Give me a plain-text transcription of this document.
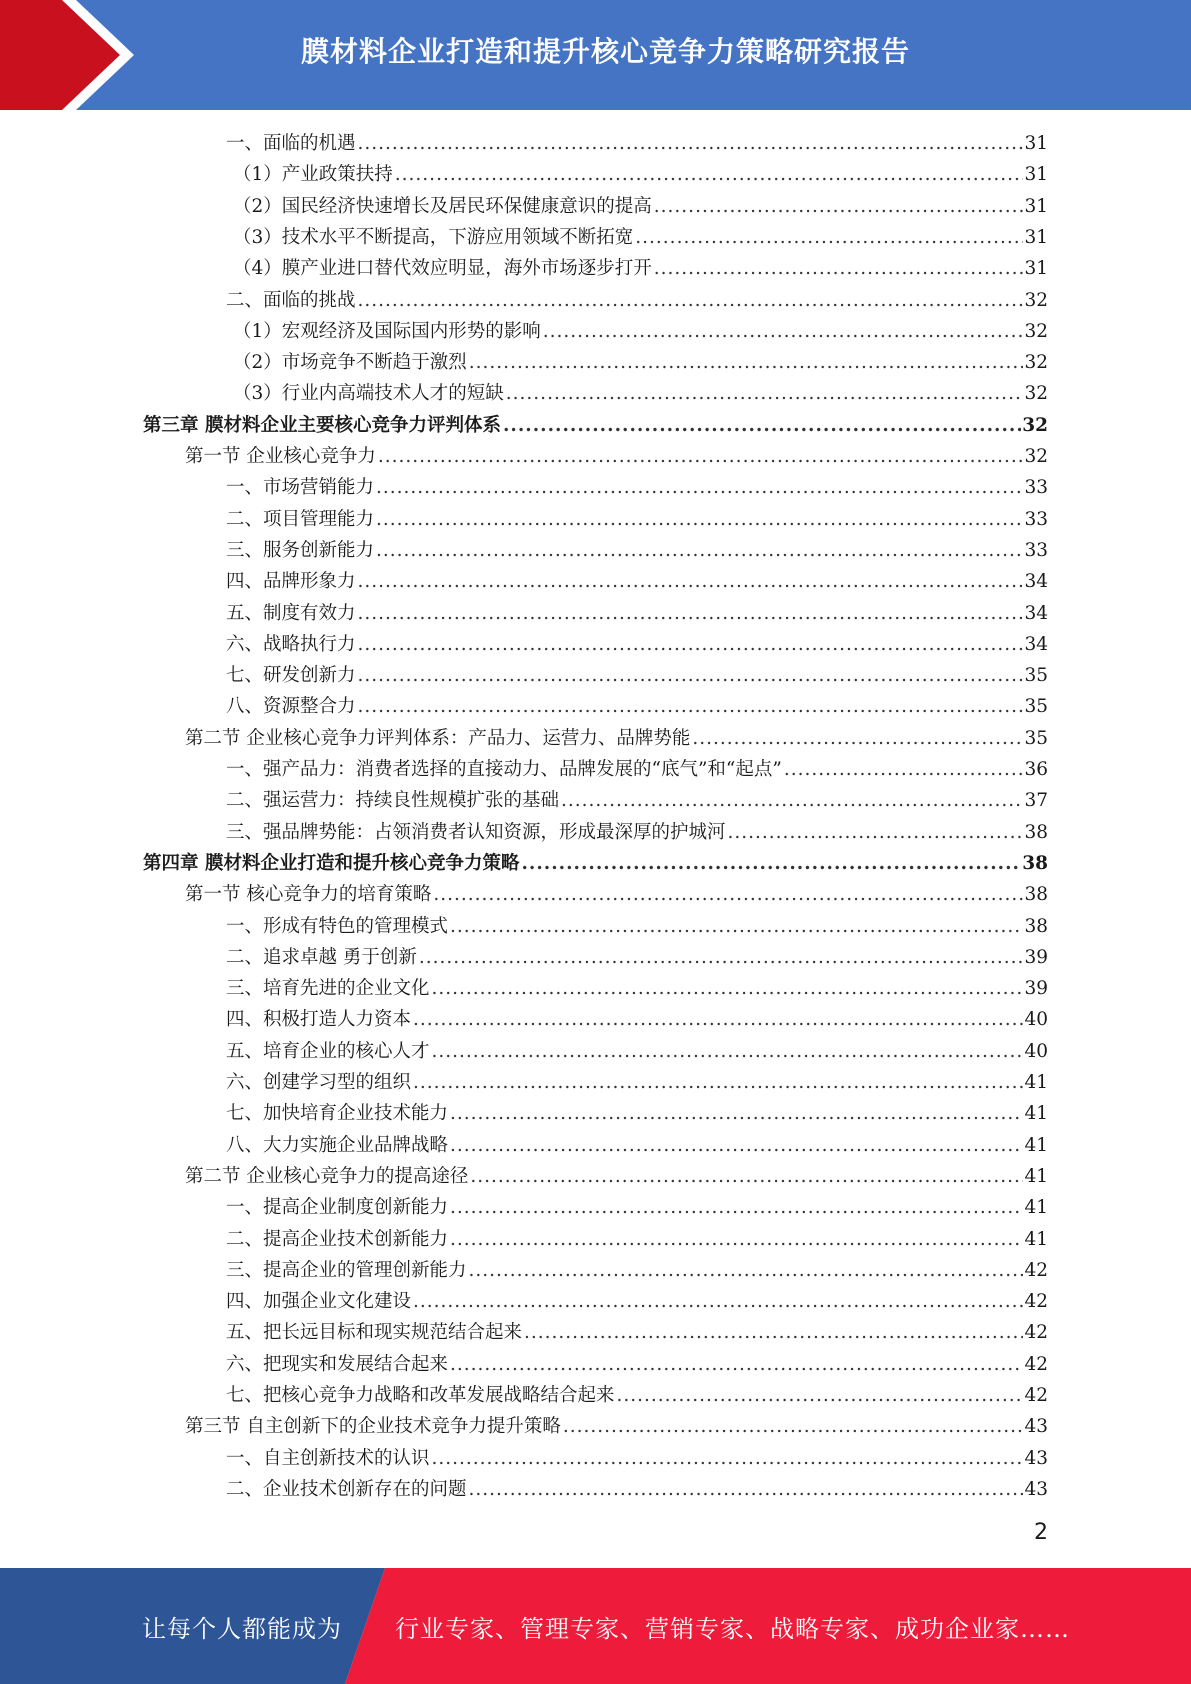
膜材料企业打造和提升核心竞争力策略研究报告
一、面临的机遇 .....	31
（1）产业政策扶持 .....	31
（2）国民经济快速增长及居民环保健康意识的提高 .....	31
（3）技术水平不断提高，下游应用领域不断拓宽 .....	31
（4）膜产业进口替代效应明显，海外市场逐步打开 .....	31
二、面临的挑战 .....	32
（1）宏观经济及国际国内形势的影响 .....	32
（2）市场竞争不断趋于激烈 .....	32
（3）行业内高端技术人才的短缺 .....	32
第三章 膜材料企业主要核心竞争力评判体系 .....	32
第一节 企业核心竞争力 .....	32
一、市场营销能力 .....	33
二、项目管理能力 .....	33
三、服务创新能力 .....	33
四、品牌形象力 .....	34
五、制度有效力 .....	34
六、战略执行力 .....	34
七、研发创新力 .....	35
八、资源整合力 .....	35
第二节 企业核心竞争力评判体系：产品力、运营力、品牌势能 .....	35
一、强产品力：消费者选择的直接动力、品牌发展的“底气”和“起点” .....	36
二、强运营力：持续良性规模扩张的基础 .....	37
三、强品牌势能：占领消费者认知资源，形成最深厚的护城河 .....	38
第四章 膜材料企业打造和提升核心竞争力策略 .....	38
第一节 核心竞争力的培育策略 .....	38
一、形成有特色的管理模式 .....	38
二、追求卓越 勇于创新 .....	39
三、培育先进的企业文化 .....	39
四、积极打造人力资本 .....	40
五、培育企业的核心人才 .....	40
六、创建学习型的组织 .....	41
七、加快培育企业技术能力 .....	41
八、大力实施企业品牌战略 .....	41
第二节 企业核心竞争力的提高途径 .....	41
一、提高企业制度创新能力 .....	41
二、提高企业技术创新能力 .....	41
三、提高企业的管理创新能力 .....	42
四、加强企业文化建设 .....	42
五、把长远目标和现实规范结合起来 .....	42
六、把现实和发展结合起来 .....	42
七、把核心竞争力战略和改革发展战略结合起来 .....	42
第三节 自主创新下的企业技术竞争力提升策略 .....	43
一、自主创新技术的认识 .....	43
二、企业技术创新存在的问题 .....	43
2
让每个人都能成为	行业专家、管理专家、营销专家、战略专家、成功企业家……
